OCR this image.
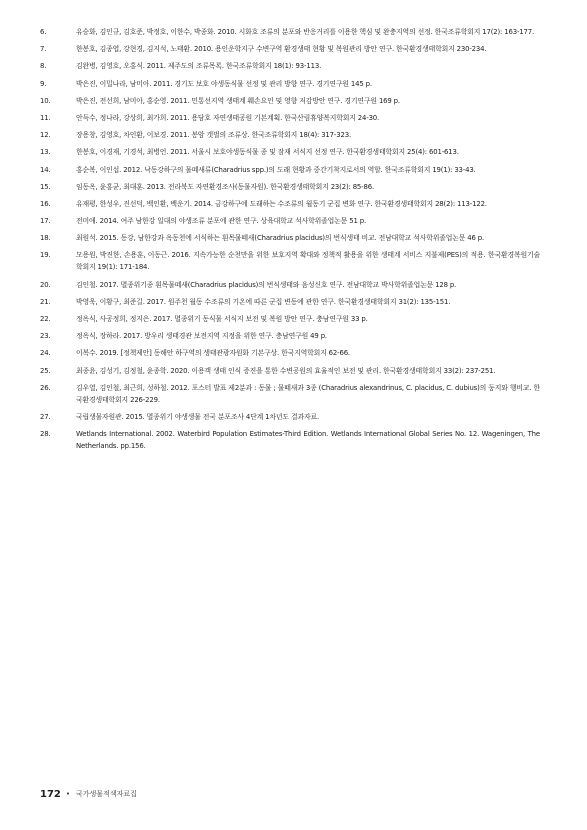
6.	유승화, 김인규, 김호준, 박정호, 이한수, 박종화. 2010. 시화호 조류의 분포와 반응거리를 이용한 핵심 및 완충지역의 선정. 한국조류학회지 17(2): 163-177.
7.	한봉호, 김종엽, 강현경, 김지석, 노태환. 2010. 용인운학지구 수변구역 환경생태 현황 및 복원관리 방안 연구. 한국환경생태학회지 230-234.
8.	김완병, 김영호, 오홍식. 2011. 제주도의 조류목록. 한국조류학회지 18(1): 93-113.
9.	박은진, 이밀나라, 남미아. 2011. 경기도 보호 야생동식물 선정 및 관리 방향 연구. 경기연구원 145 p.
10.	박은진, 전선희, 남미아, 홍순영. 2011. 민통선지역 생태계 훼손요인 및 영향 저감방안 연구. 경기연구원 169 p.
11.	안득수, 정나라, 강상희, 최가희. 2011. 용담호 자연생태공원 기본계획. 한국산림휴양복지학회지 24-30.
12.	장용창, 김영호, 차인환, 이보경. 2011. 봉암 갯벌의 조류상. 한국조류학회지 18(4): 317-323.
13.	한봉호, 이경재, 기경석, 최병언. 2011. 서울시 보호야생동식물 종 및 잠재 서식지 선정 연구. 한국환경생태학회지 25(4): 601-613.
14.	홍순복, 이인섭. 2012. 낙동강하구의 물떼새류(Charadrius spp.)의 도래 현황과 중간기착지로서의 역할. 한국조류학회지 19(1): 33-43.
15.	임동옥, 윤홍균, 최대훈. 2013. 전라북도 자연환경조사(동물자원). 한국환경생태학회지 23(2): 85-86.
16.	유재평, 한성우, 진선덕, 백인환, 백운기. 2014. 금강하구에 도래하는 수조류의 월동기 군집 변화 연구. 한국환경생태학회지 28(2): 113-122.
17.	전미애. 2014. 여주 남한강 일대의 야생조류 분포에 관한 연구. 상육대학교 석사학위졸업논문 51 p.
18.	최원석. 2015. 동강, 남한강과 옥동천에 서식하는 흰목물떼새(Charadrius placidus)의 번식생태 비교. 전남대학교 석사학위졸업논문 46 p.
19.	모용원, 박진한, 손용훈, 이동근. 2016. 지속가능한 순천만을 위한 보호지역 확대와 정책적 활용을 위한 생태계 서비스 지불제(PES)의 적용. 한국환경복원기술학회지 19(1): 171-184.
20.	김인철. 2017. 멸종위기종 흰목물떼새(Charadrius placidus)의 번식생태와 음성신호 연구. 전남대학교 박사학위졸업논문 128 p.
21.	박영욱, 이황구, 최준길. 2017. 원주천 월동 수조류의 기온에 따른 군집 변동에 관한 연구. 한국환경생태학회지 31(2): 135-151.
22.	정옥식, 사공정희, 정지은. 2017. 멸종위기 동식물 서식지 보전 및 복원 방안 연구. 충남연구원 33 p.
23.	정옥식, 장하라. 2017. 방우리 생태경관 보전지역 지정을 위한 연구. 충남연구원 49 p.
24.	이복수. 2019. [정책제안] 동해안 하구역의 생태관광자원화 기본구상. 한국지역학회지 62-66.
25.	최종윤, 김성기, 김정철, 윤종학. 2020. 이용객 생태 인식 증진을 통한 수변공원의 효율적인 보전 및 관리. 한국환경생태학회지 33(2): 237-251.
26.	김우열, 김인철, 최근희, 성하철. 2012. 포스터 발표 제2분과 : 동물 ; 물떼새과 3종 (Charadrius alexandrinus, C. placidus, C. dubius)의 둥지와 행비교. 한국환경생태학회지 226-229.
27.	국립생물자원관. 2015. 멸종위기 야생생물 전국 분포조사 4단계 1차년도 결과자료.
28.	Wetlands International. 2002. Waterbird Population Estimates-Third Edition. Wetlands International Global Series No. 12. Wageningen, The Netherlands. pp.156.
172 • 국가생물적색자료집
